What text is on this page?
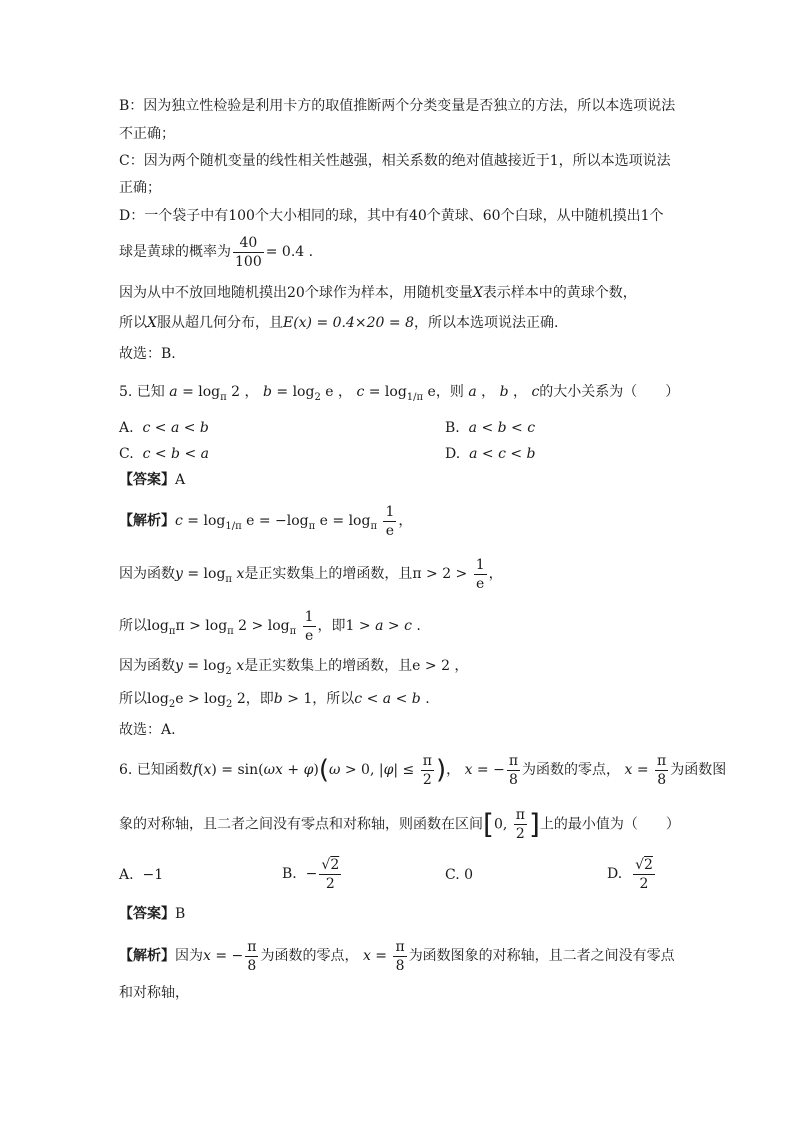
B：因为独立性检验是利用卡方的取值推断两个分类变量是否独立的方法，所以本选项说法
不正确；
C：因为两个随机变量的线性相关性越强，相关系数的绝对值越接近于1，所以本选项说法
正确；
D：一个袋子中有100个大小相同的球，其中有40个黄球、60个白球，从中随机摸出1个
球是黄球的概率为 $\frac{40}{100} = 0.4$ .
因为从中不放回地随机摸出20个球作为样本，用随机变量X表示样本中的黄球个数，
所以X服从超几何分布，且E(x) = 0.4×20 = 8，所以本选项说法正确.
故选：B.
5. 已知 $a = \log_\pi 2$ ， $b = \log_2 e$ ， $c = \log_{1/\pi} e$，则 a ， b ， c的大小关系为（　　）
A. c < a < b	B. a < b < c
C. c < b < a	D. a < c < b
【答案】A
【解析】$c = \log_{1/\pi} e = -\log_\pi$ $e = \log_\pi \frac{1}{e}$ ，
因为函数$y = \log_\pi x$是正实数集上的增函数，且$\pi > 2 > \frac{1}{e}$ ，
所以$\log_\pi\pi > \log_\pi 2 > \log_\pi \frac{1}{e}$ ，即1 > a > c .
因为函数$y = \log_2 x$是正实数集上的增函数，且e > 2 ，
所以$\log_2e > \log_2 2$，即b > 1，所以c < a < b .
故选：A.
6. 已知函数f(x) = sin(ωx + φ)(ω > 0, $|\varphi| \le \frac{\pi}{2}$ )， x = − $\frac{\pi}{8}$ 为函数的零点， $x = \frac{\pi}{8}$ 为函数图
象的对称轴，且二者之间没有零点和对称轴，则函数在区间[0, $\frac{\pi}{2}$ ]上的最小值为（　　）
A. −1	B.  − $\frac{√2}{2}$	C. 0	D. $\frac{√2}{2}$
【答案】B
【解析】因为x = − $\frac{\pi}{8}$ 为函数的零点， $x = \frac{\pi}{8}$ 为函数图象的对称轴，且二者之间没有零点
和对称轴，
